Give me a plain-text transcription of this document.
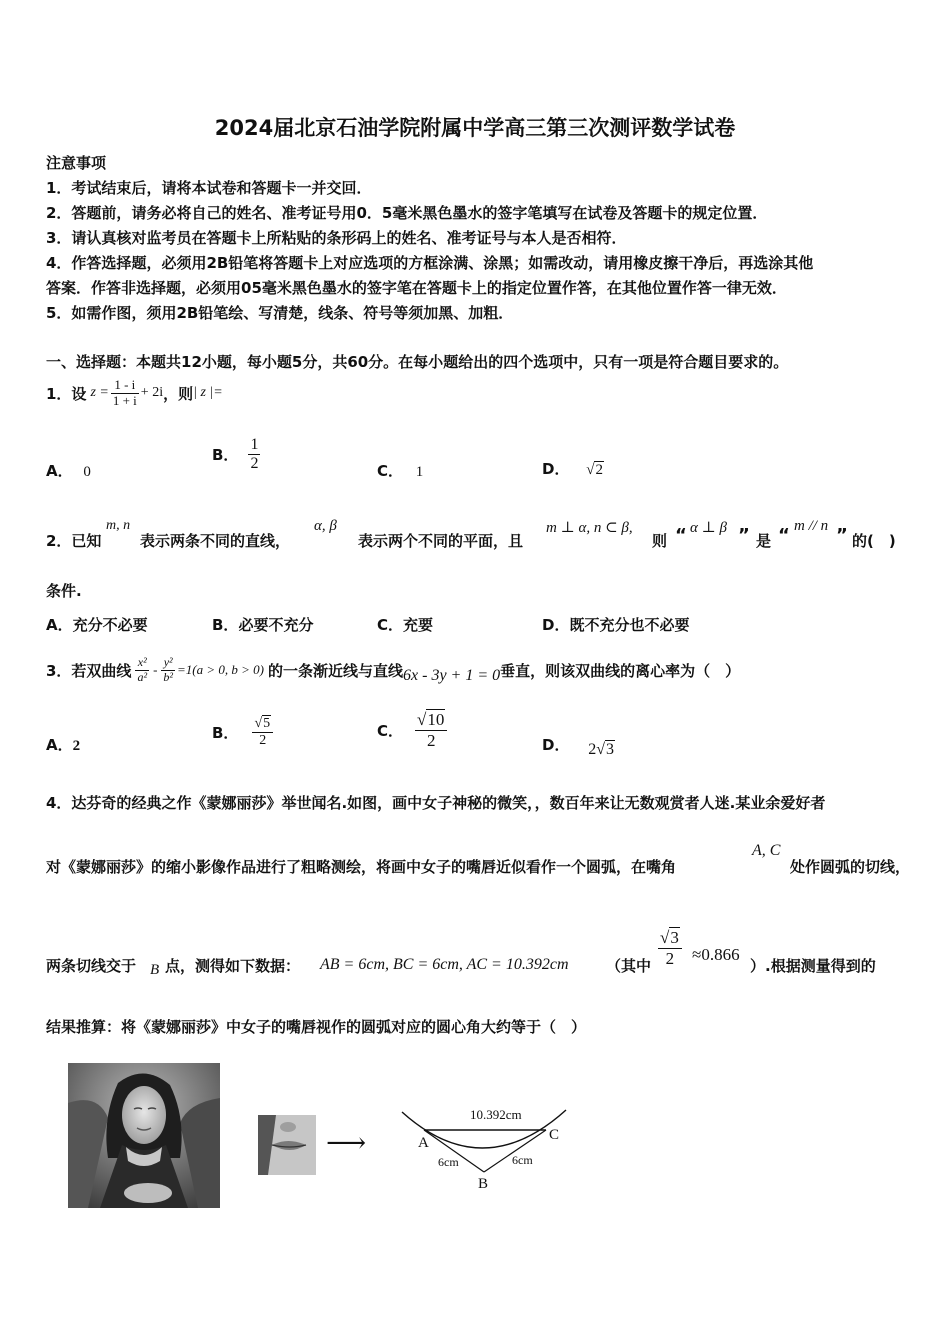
2024届北京石油学院附属中学高三第三次测评数学试卷
注意事项
1．考试结束后，请将本试卷和答题卡一并交回．
2．答题前，请务必将自己的姓名、准考证号用0．5毫米黑色墨水的签字笔填写在试卷及答题卡的规定位置．
3．请认真核对监考员在答题卡上所粘贴的条形码上的姓名、准考证号与本人是否相符．
4．作答选择题，必须用2B铅笔将答题卡上对应选项的方框涂满、涂黑；如需改动，请用橡皮擦干净后，再选涂其他
答案．作答非选择题，必须用05毫米黑色墨水的签字笔在答题卡上的指定位置作答，在其他位置作答一律无效．
5．如需作图，须用2B铅笔绘、写清楚，线条、符号等须加黑、加粗．
一、选择题：本题共12小题，每小题5分，共60分。在每小题给出的四个选项中，只有一项是符合题目要求的。
1．设 $z = \frac{1 - i}{1 + i} + 2i$ ，则 | z |=
A． 0
B． $\frac{1}{2}$	C． 1	D． √2
2．已知
m, n
表示两条不同的直线，
α, β
表示两个不同的平面，且
m ⊥ α, n ⊂ β,
则 “ α ⊥ β ” 是 “ m // n ” 的(　)
条件.
A．充分不必要	B．必要不充分	C．充要	D．既不充分也不必要
3．若双曲线 $\frac{\text{x²}}{\text{a²}} - \frac{\text{y²}}{\text{b²}} =1(a > 0$, b > 0) 的一条渐近线与直线 6x - 3y + 1 = 0 垂直，则该双曲线的离心率为（　）
A．2
B． $\frac{√5}{2}$	C． $\frac{√10}{2}$	D． 2√3
4．达芬奇的经典之作《蒙娜丽莎》举世闻名.如图，画中女子神秘的微笑，，数百年来让无数观赏者人迷.某业余爱好者
对《蒙娜丽莎》的缩小影像作品进行了粗略测绘，将画中女子的嘴唇近似看作一个圆弧，在嘴角
A, C
处作圆弧的切线，
两条切线交于 B 点，测得如下数据： AB = 6cm, BC = 6cm, AC = 10.392cm （其中 $\frac{√3}{2} \approx 0.866$
）.根据测量得到的
结果推算：将《蒙娜丽莎》中女子的嘴唇视作的圆弧对应的圆心角大约等于（　）
⟶
10.392cm
A	C
6cm	6cm
B
